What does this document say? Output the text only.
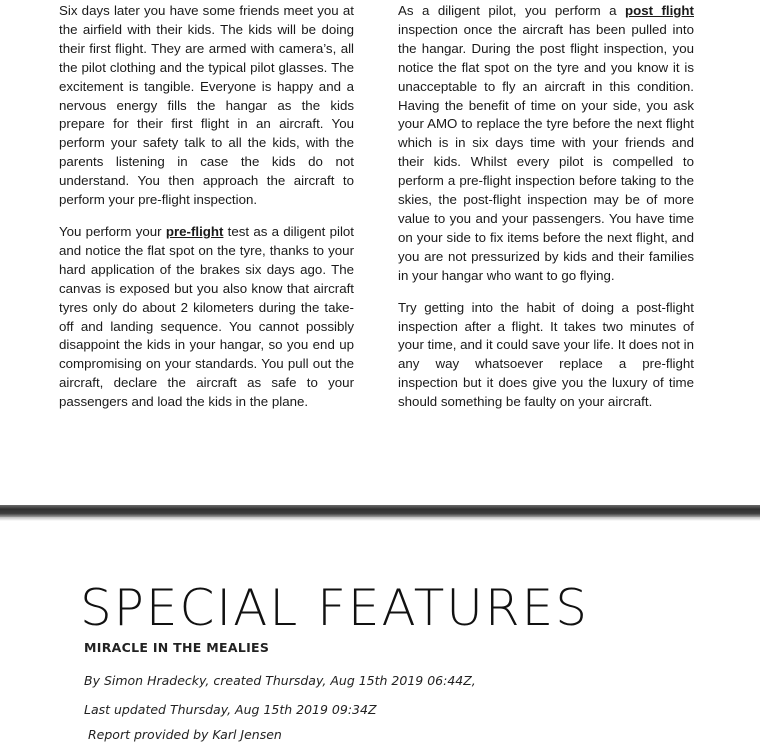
Six days later you have some friends meet you at the airfield with their kids. The kids will be doing their first flight. They are armed with camera’s, all the pilot clothing and the typical pilot glasses. The excitement is tangible. Everyone is happy and a nervous energy fills the hangar as the kids prepare for their first flight in an aircraft. You perform your safety talk to all the kids, with the parents listening in case the kids do not understand. You then approach the aircraft to perform your pre-flight inspection.

You perform your pre-flight test as a diligent pilot and notice the flat spot on the tyre, thanks to your hard application of the brakes six days ago. The canvas is exposed but you also know that aircraft tyres only do about 2 kilometers during the take-off and landing sequence. You cannot possibly disappoint the kids in your hangar, so you end up compromising on your standards. You pull out the aircraft, declare the aircraft as safe to your passengers and load the kids in the plane.

As a diligent pilot, you perform a post flight inspection once the aircraft has been pulled into the hangar. During the post flight inspection, you notice the flat spot on the tyre and you know it is unacceptable to fly an aircraft in this condition. Having the benefit of time on your side, you ask your AMO to replace the tyre before the next flight which is in six days time with your friends and their kids. Whilst every pilot is compelled to perform a pre-flight inspection before taking to the skies, the post-flight inspection may be of more value to you and your passengers. You have time on your side to fix items before the next flight, and you are not pressurized by kids and their families in your hangar who want to go flying.

Try getting into the habit of doing a post-flight inspection after a flight. It takes two minutes of your time, and it could save your life. It does not in any way whatsoever replace a pre-flight inspection but it does give you the luxury of time should something be faulty on your aircraft.

SPECIAL FEATURES
MIRACLE IN THE MEALIES
By Simon Hradecky, created Thursday, Aug 15th 2019 06:44Z,
Last updated Thursday, Aug 15th 2019 09:34Z
Report provided by Karl Jensen
